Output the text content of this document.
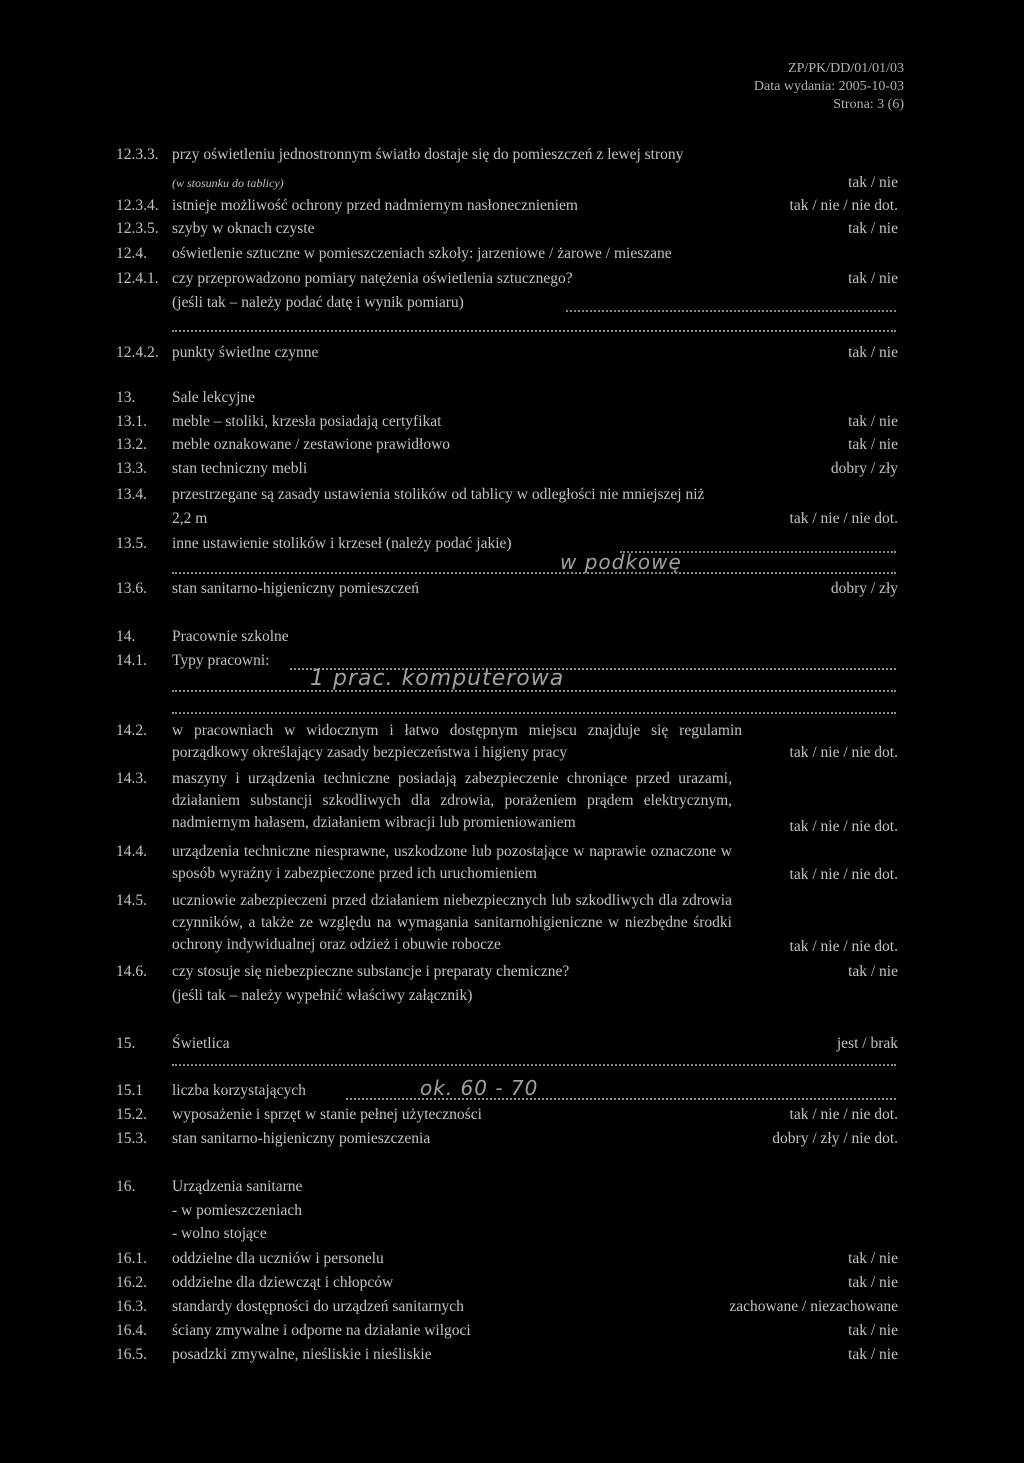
ZP/PK/DD/01/01/03
Data wydania: 2005-10-03
Strona: 3 (6)
12.3.3. przy oświetleniu jednostronnym światło dostaje się do pomieszczeń z lewej strony
(w stosunku do tablicy)	tak / nie
12.3.4. istnieje możliwość ochrony przed nadmiernym nasłonecznieniem	tak / nie / nie dot.
12.3.5. szyby w oknach czyste	tak / nie
12.4. oświetlenie sztuczne w pomieszczeniach szkoły: jarzeniowe / żarowe / mieszane
12.4.1. czy przeprowadzono pomiary natężenia oświetlenia sztucznego?	tak / nie
(jeśli tak – należy podać datę i wynik pomiaru)
12.4.2. punkty świetlne czynne	tak / nie
13. Sale lekcyjne
13.1. meble – stoliki, krzesła posiadają certyfikat	tak / nie
13.2. meble oznakowane / zestawione prawidłowo	tak / nie
13.3. stan techniczny mebli	dobry / zły
13.4. przestrzegane są zasady ustawienia stolików od tablicy w odległości nie mniejszej niż
2,2 m	tak / nie / nie dot.
13.5. inne ustawienie stolików i krzeseł (należy podać jakie)
w podkowę
13.6. stan sanitarno-higieniczny pomieszczeń	dobry / zły
14. Pracownie szkolne
14.1. Typy pracowni:
1 prac. komputerowa
14.2. w pracowniach w widocznym i łatwo dostępnym miejscu znajduje się regulamin porządkowy określający zasady bezpieczeństwa i higieny pracy	tak / nie / nie dot.
14.3. maszyny i urządzenia techniczne posiadają zabezpieczenie chroniące przed urazami, działaniem substancji szkodliwych dla zdrowia, porażeniem prądem elektrycznym, nadmiernym hałasem, działaniem wibracji lub promieniowaniem	tak / nie / nie dot.
14.4. urządzenia techniczne niesprawne, uszkodzone lub pozostające w naprawie oznaczone w sposób wyraźny i zabezpieczone przed ich uruchomieniem	tak / nie / nie dot.
14.5. uczniowie zabezpieczeni przed działaniem niebezpiecznych lub szkodliwych dla zdrowia czynników, a także ze względu na wymagania sanitarnohigieniczne w niezbędne środki ochrony indywidualnej oraz odzież i obuwie robocze	tak / nie / nie dot.
14.6. czy stosuje się niebezpieczne substancje i preparaty chemiczne?	tak / nie
(jeśli tak – należy wypełnić właściwy załącznik)
15. Świetlica	jest / brak
15.1 liczba korzystających	ok. 60 - 70
15.2. wyposażenie i sprzęt w stanie pełnej użyteczności	tak / nie / nie dot.
15.3. stan sanitarno-higieniczny pomieszczenia	dobry / zły / nie dot.
16. Urządzenia sanitarne
- w pomieszczeniach
- wolno stojące
16.1. oddzielne dla uczniów i personelu	tak / nie
16.2. oddzielne dla dziewcząt i chłopców	tak / nie
16.3. standardy dostępności do urządzeń sanitarnych	zachowane / niezachowane
16.4. ściany zmywalne i odporne na działanie wilgoci	tak / nie
16.5. posadzki zmywalne, nieśliskie i nieśliskie	tak / nie
